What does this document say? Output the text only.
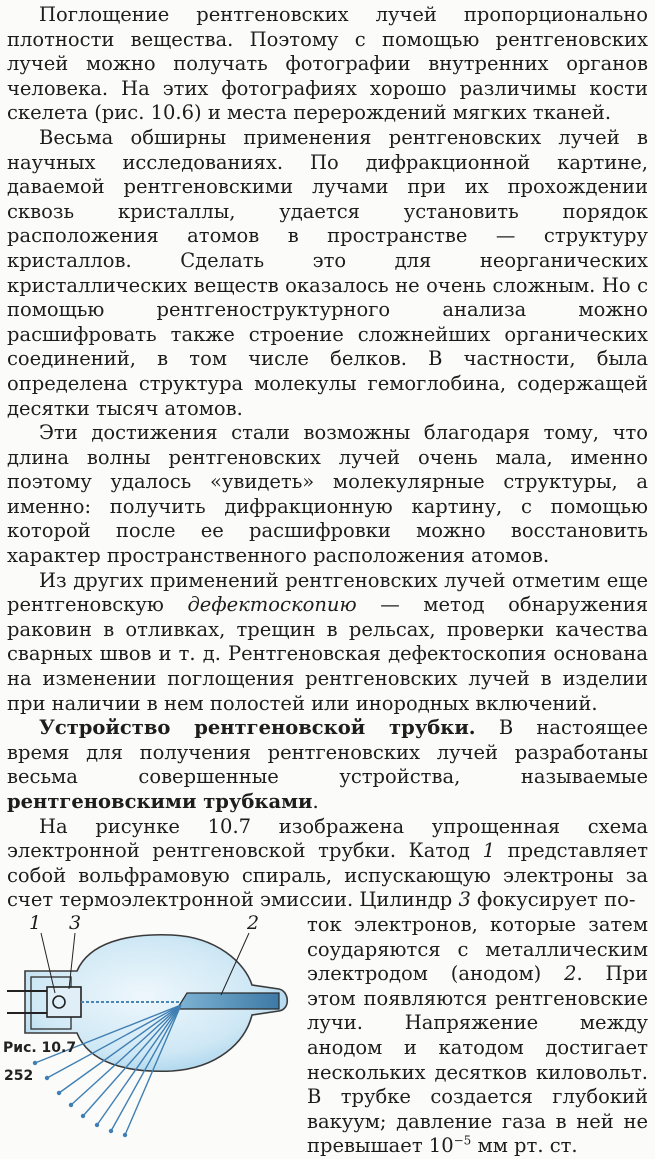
Поглощение рентгеновских лучей пропорционально плотности вещества. Поэтому с помощью рентгеновских лучей можно получать фотографии внутренних органов человека. На этих фотографиях хорошо различимы кости скелета (рис. 10.6) и места перерождений мягких тканей.

Весьма обширны применения рентгеновских лучей в научных исследованиях. По дифракционной картине, даваемой рентгеновскими лучами при их прохождении сквозь кристаллы, удается установить порядок расположения атомов в пространстве — структуру кристаллов. Сделать это для неорганических кристаллических веществ оказалось не очень сложным. Но с помощью рентгеноструктурного анализа можно расшифровать также строение сложнейших органических соединений, в том числе белков. В частности, была определена структура молекулы гемоглобина, содержащей десятки тысяч атомов.

Эти достижения стали возможны благодаря тому, что длина волны рентгеновских лучей очень мала, именно поэтому удалось «увидеть» молекулярные структуры, а именно: получить дифракционную картину, с помощью которой после ее расшифровки можно восстановить характер пространственного расположения атомов.

Из других применений рентгеновских лучей отметим еще рентгеновскую дефектоскопию — метод обнаружения раковин в отливках, трещин в рельсах, проверки качества сварных швов и т. д. Рентгеновская дефектоскопия основана на изменении поглощения рентгеновских лучей в изделии при наличии в нем полостей или инородных включений.

Устройство рентгеновской трубки. В настоящее время для получения рентгеновских лучей разработаны весьма совершенные устройства, называемые рентгеновскими трубками.

На рисунке 10.7 изображена упрощенная схема электронной рентгеновской трубки. Катод 1 представляет собой вольфрамовую спираль, испускающую электроны за счет термоэлектронной эмиссии. Цилиндр 3 фокусирует по-

1 3	2	ток электронов, которые затем соударяются с металлическим электродом (анодом) 2. При этом появляются рентгеновские лучи. Напряжение между анодом и катодом достигает нескольких десятков киловольт. В трубке создается глубокий вакуум; давление газа в ней не превышает $10^{-5}$ мм рт. ст.

Рис. 10.7
252
